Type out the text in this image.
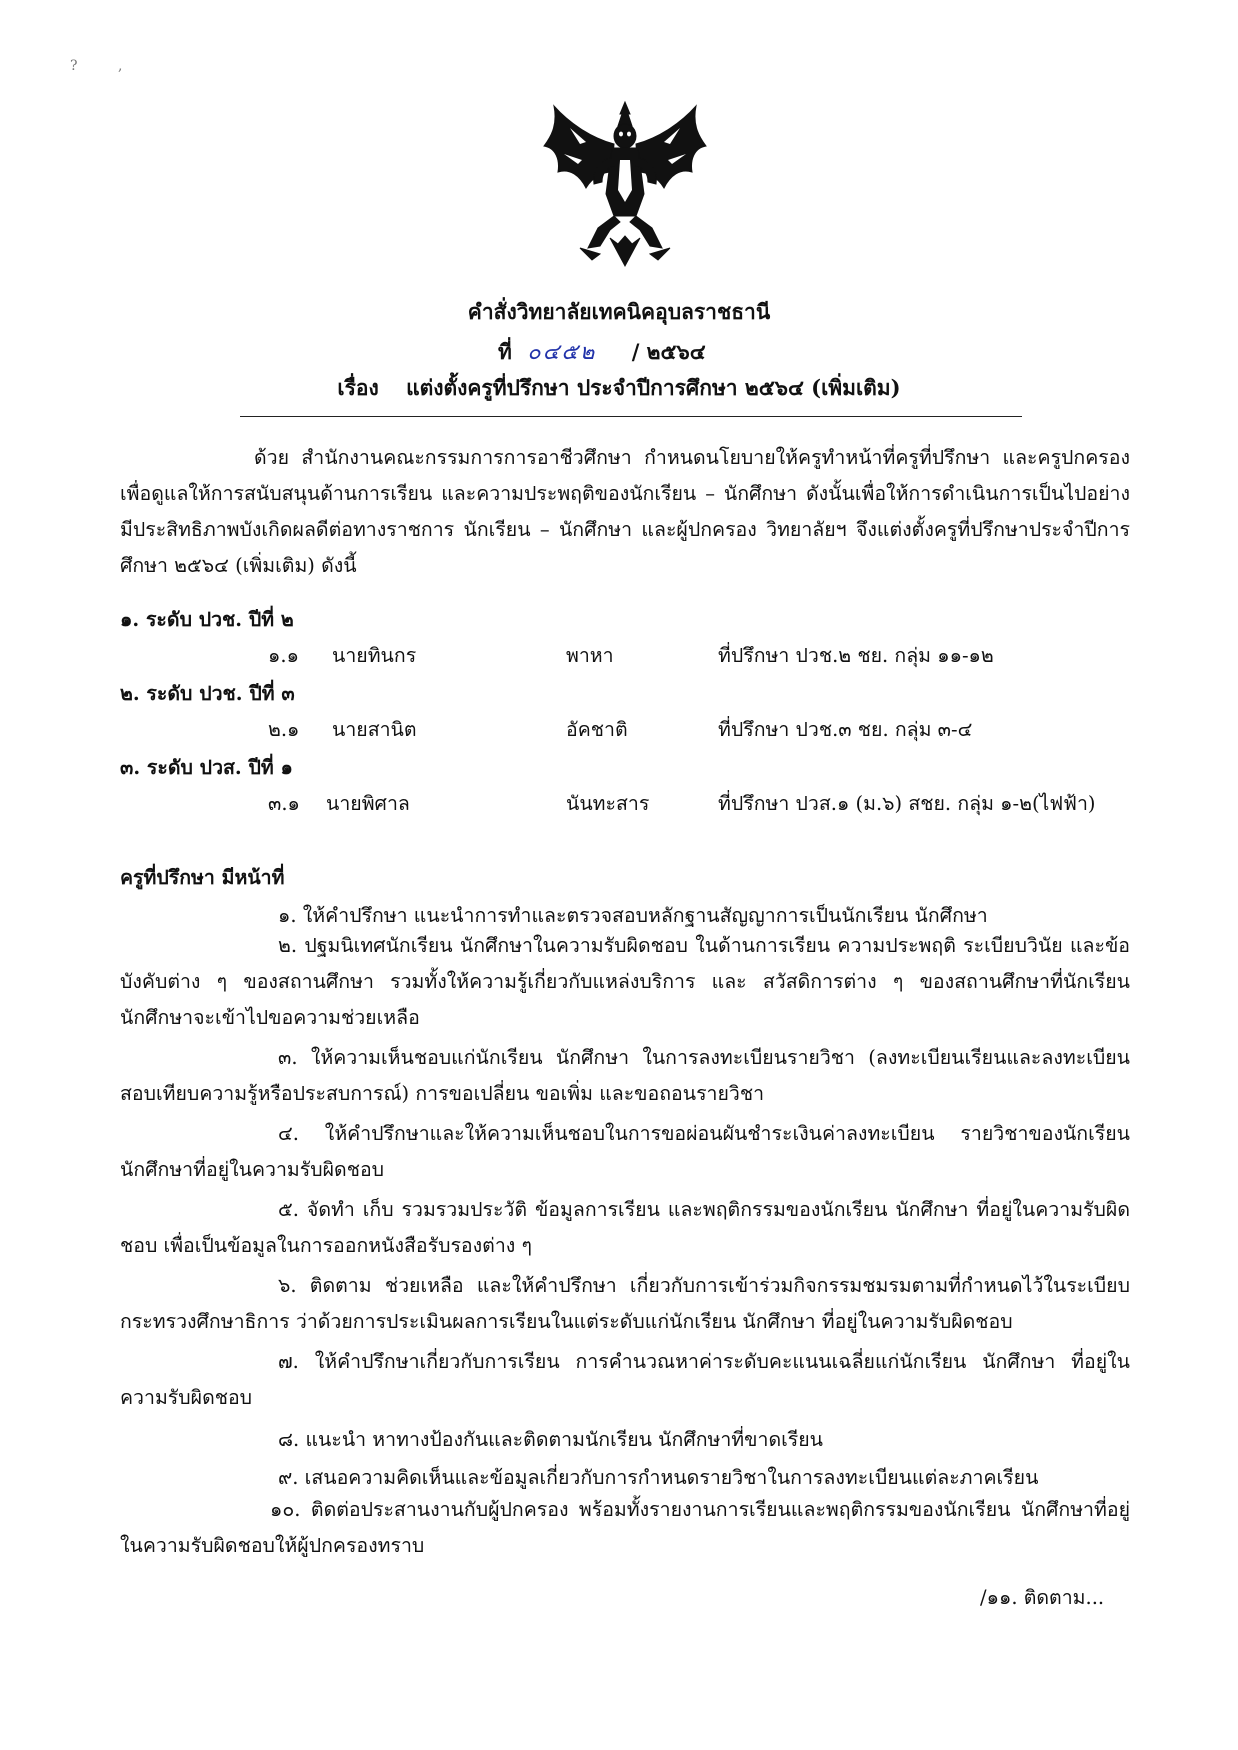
? ,
คำสั่งวิทยาลัยเทคนิคอุบลราชธานี
ที่ ๐๔๕๒ / ๒๕๖๔
เรื่อง แต่งตั้งครูที่ปรึกษา ประจำปีการศึกษา ๒๕๖๔ (เพิ่มเติม)
ด้วย สำนักงานคณะกรรมการการอาชีวศึกษา กำหนดนโยบายให้ครูทำหน้าที่ครูที่ปรึกษา และครูปกครอง เพื่อดูแลให้การสนับสนุนด้านการเรียน และความประพฤติของนักเรียน – นักศึกษา ดังนั้นเพื่อให้การดำเนินการเป็นไปอย่างมีประสิทธิภาพบังเกิดผลดีต่อทางราชการ นักเรียน – นักศึกษา และผู้ปกครอง วิทยาลัยฯ จึงแต่งตั้งครูที่ปรึกษาประจำปีการศึกษา ๒๕๖๔ (เพิ่มเติม) ดังนี้
๑. ระดับ ปวช. ปีที่ ๒
๑.๑ นายทินกร	พาหา	ที่ปรึกษา ปวช.๒ ชย. กลุ่ม ๑๑-๑๒
๒. ระดับ ปวช. ปีที่ ๓
๒.๑ นายสานิต	อัคชาติ	ที่ปรึกษา ปวช.๓ ชย. กลุ่ม ๓-๔
๓. ระดับ ปวส. ปีที่ ๑
๓.๑ นายพิศาล	นันทะสาร	ที่ปรึกษา ปวส.๑ (ม.๖) สชย. กลุ่ม ๑-๒(ไฟฟ้า)
ครูที่ปรึกษา มีหน้าที่
๑. ให้คำปรึกษา แนะนำการทำและตรวจสอบหลักฐานสัญญาการเป็นนักเรียน นักศึกษา
๒. ปฐมนิเทศนักเรียน นักศึกษาในความรับผิดชอบ ในด้านการเรียน ความประพฤติ ระเบียบวินัย และข้อบังคับต่าง ๆ ของสถานศึกษา รวมทั้งให้ความรู้เกี่ยวกับแหล่งบริการ และ สวัสดิการต่าง ๆ ของสถานศึกษาที่นักเรียน นักศึกษาจะเข้าไปขอความช่วยเหลือ
๓. ให้ความเห็นชอบแก่นักเรียน นักศึกษา ในการลงทะเบียนรายวิชา (ลงทะเบียนเรียนและลงทะเบียนสอบเทียบความรู้หรือประสบการณ์) การขอเปลี่ยน ขอเพิ่ม และขอถอนรายวิชา
๔. ให้คำปรึกษาและให้ความเห็นชอบในการขอผ่อนผันชำระเงินค่าลงทะเบียน รายวิชาของนักเรียน นักศึกษาที่อยู่ในความรับผิดชอบ
๕. จัดทำ เก็บ รวมรวมประวัติ ข้อมูลการเรียน และพฤติกรรมของนักเรียน นักศึกษา ที่อยู่ในความรับผิดชอบ เพื่อเป็นข้อมูลในการออกหนังสือรับรองต่าง ๆ
๖. ติดตาม ช่วยเหลือ และให้คำปรึกษา เกี่ยวกับการเข้าร่วมกิจกรรมชมรมตามที่กำหนดไว้ในระเบียบกระทรวงศึกษาธิการ ว่าด้วยการประเมินผลการเรียนในแต่ระดับแก่นักเรียน นักศึกษา ที่อยู่ในความรับผิดชอบ
๗. ให้คำปรึกษาเกี่ยวกับการเรียน การคำนวณหาค่าระดับคะแนนเฉลี่ยแก่นักเรียน นักศึกษา ที่อยู่ในความรับผิดชอบ
๘. แนะนำ หาทางป้องกันและติดตามนักเรียน นักศึกษาที่ขาดเรียน
๙. เสนอความคิดเห็นและข้อมูลเกี่ยวกับการกำหนดรายวิชาในการลงทะเบียนแต่ละภาคเรียน
๑๐. ติดต่อประสานงานกับผู้ปกครอง พร้อมทั้งรายงานการเรียนและพฤติกรรมของนักเรียน นักศึกษาที่อยู่ในความรับผิดชอบให้ผู้ปกครองทราบ
/๑๑. ติดตาม...
